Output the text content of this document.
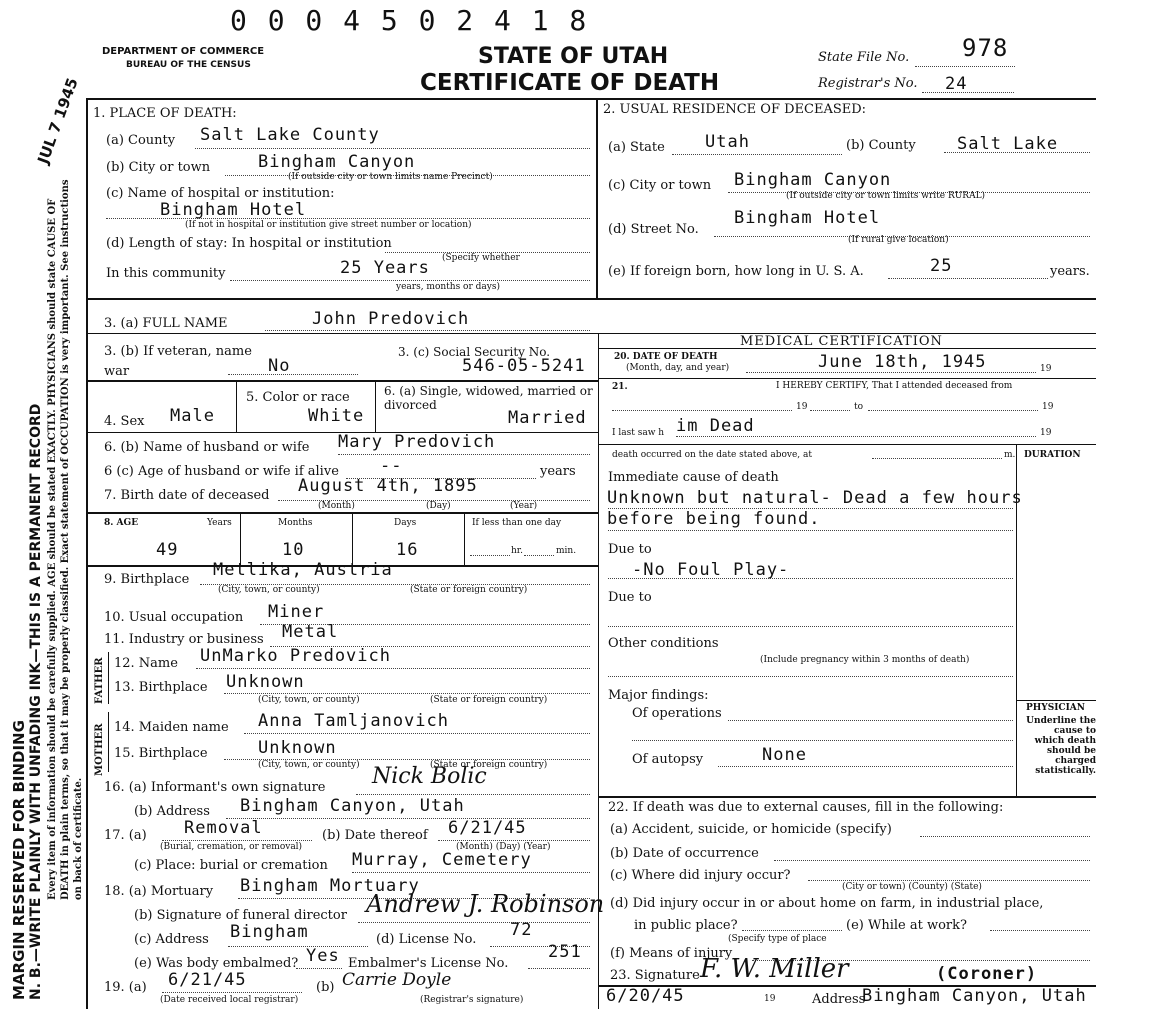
MARGIN RESERVED FOR BINDING N. B.—WRITE PLAINLY WITH UNFADING INK—THIS IS A PERMANENT RECORD Every item of information should be carefully supplied. AGE should be stated EXACTLY. PHYSICIANS should state CAUSE OF DEATH in plain terms, so that it may be properly classified. Exact statement of OCCUPATION is very important. See instructions on back of certificate.
JUL 7 1945
0 0 0 4 5 0 2 4 1 8
DEPARTMENT OF COMMERCE
BUREAU OF THE CENSUS	STATE OF UTAH
CERTIFICATE OF DEATH
State File No. 978
Registrar's No. 24
1. PLACE OF DEATH:
(a) County Salt Lake County
(b) City or town	Bingham Canyon
(If outside city or town limits name Precinct)
(c) Name of hospital or institution:
Bingham Hotel
(If not in hospital or institution give street number or location)
(d) Length of stay: In hospital or institution
In this community	25 Years (Specify whether
years, months or days)
2. USUAL RESIDENCE OF DECEASED:
(a) State Utah	(b) County Salt Lake
(c) City or town Bingham Canyon
(If outside city or town limits write RURAL)
(d) Street No.
Bingham Hotel
(If rural give location)
(e) If foreign born, how long in U. S. A.	25	years.
3. (a) FULL NAME	John Predovich
3. (b) If veteran, name war	No
3. (c) Social Security No.
546-05-5241
4. Sex Male
5. Color or race
White
6. (a) Single, widowed, married or divorced
Married
6. (b) Name of husband or wife Mary Predovich
6 (c) Age of husband or wife if alive --	years
7. Birth date of deceased August 4th, 1895
(Month)	(Day)	(Year)
8. AGE	Years	Months	Days	If less than one day
49	10	16	hr.	min.
9. Birthplace Metlika, Austria
(City, town, or county)	(State or foreign country)
10. Usual occupation Miner
11. Industry or business Metal
FATHER
MOTHER
12. Name UnMarko Predovich
13. Birthplace Unknown
(City, town, or county)	(State or foreign country)
14. Maiden name Anna Tamljanovich
15. Birthplace	Unknown
(City, town, or county)	(State or foreign country)
16. (a) Informant's own signature Nick Bolic
(b) Address Bingham Canyon, Utah
17. (a) Removal
(Burial, cremation, or removal)
(b) Date thereof 6/21/45
(Month) (Day) (Year)
(c) Place: burial or cremation Murray, Cemetery
18. (a) Mortuary Bingham Mortuary
(b) Signature of funeral director Andrew J. Robinson
(c) Address Bingham	(d) License No. 72
(e) Was body embalmed? Yes Embalmer's License No.
251
19. (a) 6/21/45
(Date received local registrar)
(b) Carrie Doyle
(Registrar's signature)
MEDICAL CERTIFICATION
20. DATE OF DEATH
(Month, day, and year)	June 18th, 1945	19
21.	I HEREBY CERTIFY, That I attended deceased from
19	to	19
I last saw h im Dead	19
death occurred on the date stated above, at	m. DURATION
Immediate cause of death
Unknown but natural- Dead a few hours before being found.
Due to
-No Foul Play-
Due to
Other conditions
(Include pregnancy within 3 months of death)
Major findings:
Of operations
Of autopsy	None
PHYSICIAN
Underline the cause to which death should be charged statistically.
22. If death was due to external causes, fill in the following:
(a) Accident, suicide, or homicide (specify)
(b) Date of occurrence
(c) Where did injury occur?
(City or town) (County) (State)
(d) Did injury occur in or about home on farm, in industrial place,
in public place?	(e) While at work?
(Specify type of place
(f) Means of injury
23. Signature F. W. Miller	(Coroner)
6/20/45	19	Address
Bingham Canyon, Utah
